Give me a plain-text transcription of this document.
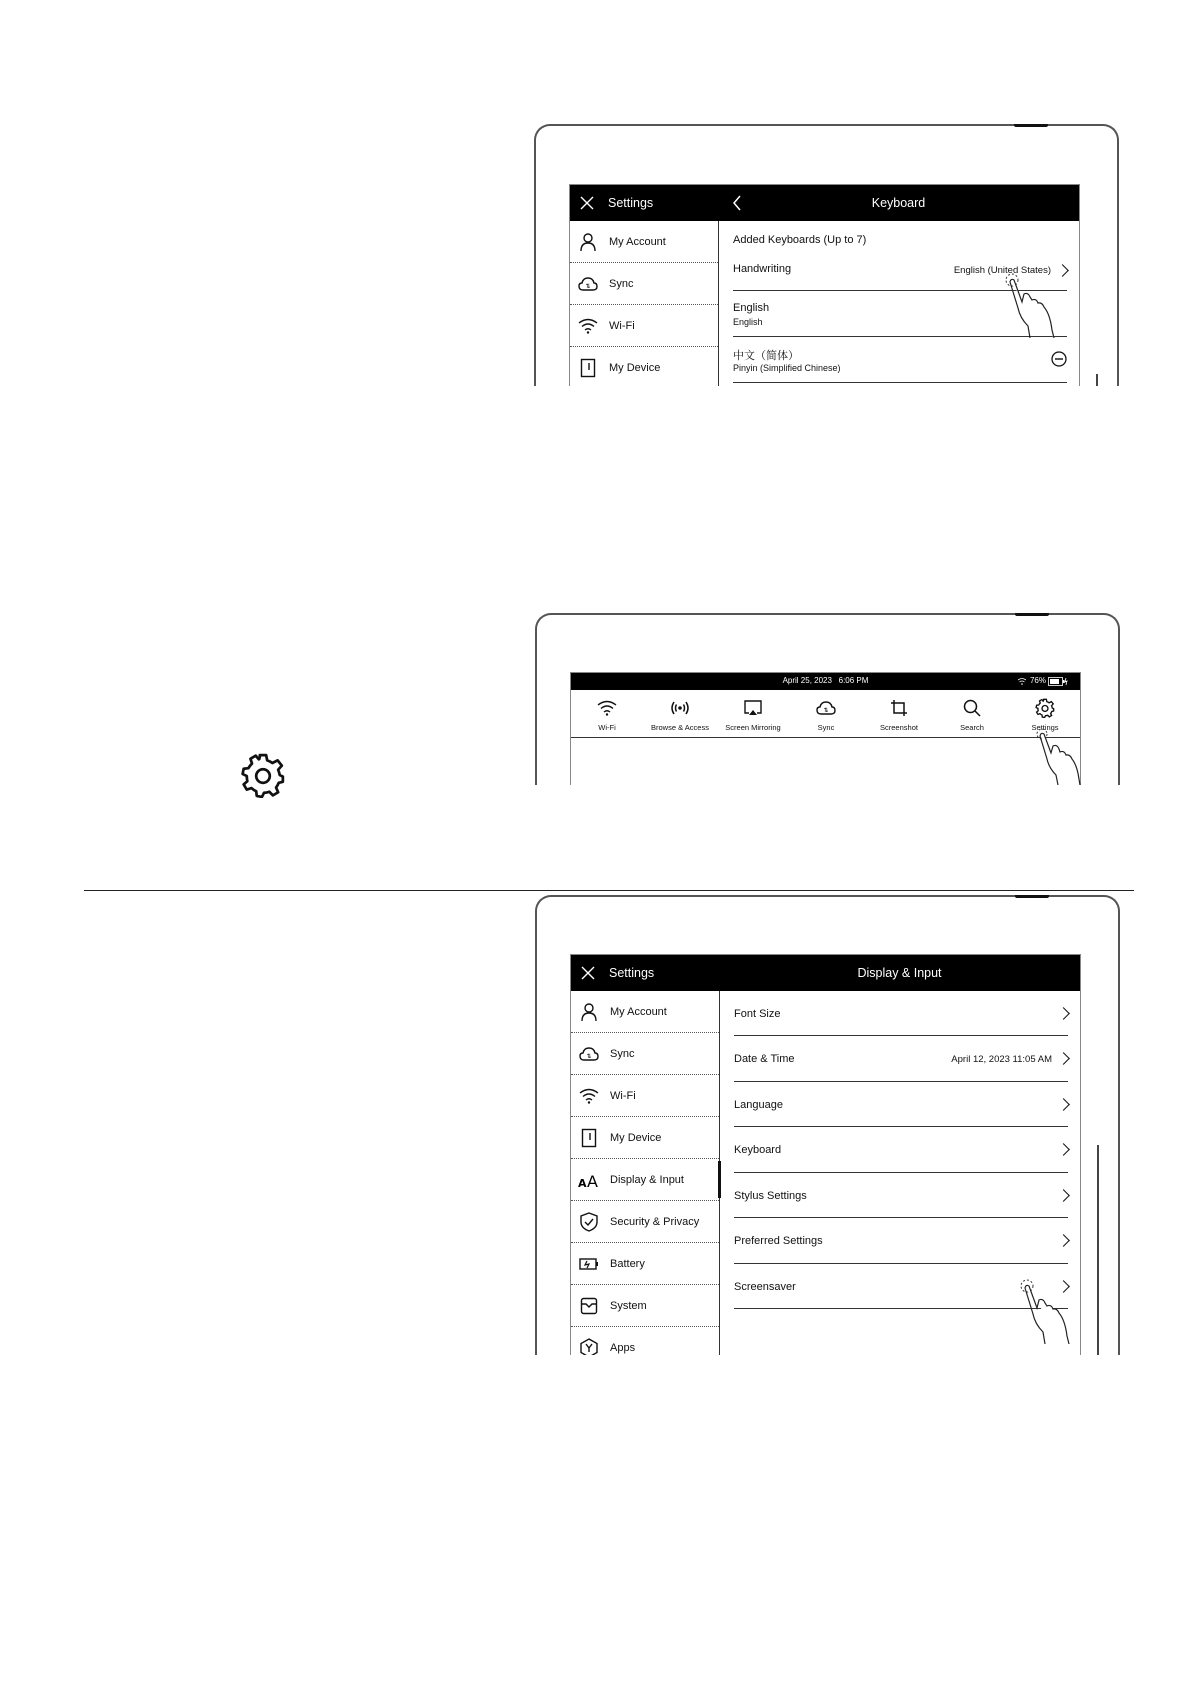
Settings	Keyboard
My Account
⇅ Sync
Wi-Fi
My Device
Added Keyboards (Up to 7)
Handwriting	English (United States)
English
English
中文（简体）
Pinyin (Simplified Chinese)
April 25, 2023   6:06 PM	76%
Wi-Fi	Browse & Access	Screen Mirroring
⇅
Sync	Screenshot	Search	Settings
Settings	Display & Input
My Account
⇅ Sync
Wi-Fi
My Device
A A Display & Input
Security & Privacy
Battery
System
Apps
Font Size
Date & Time	April 12, 2023 11:05 AM
Language
Keyboard
Stylus Settings
Preferred Settings
Screensaver
